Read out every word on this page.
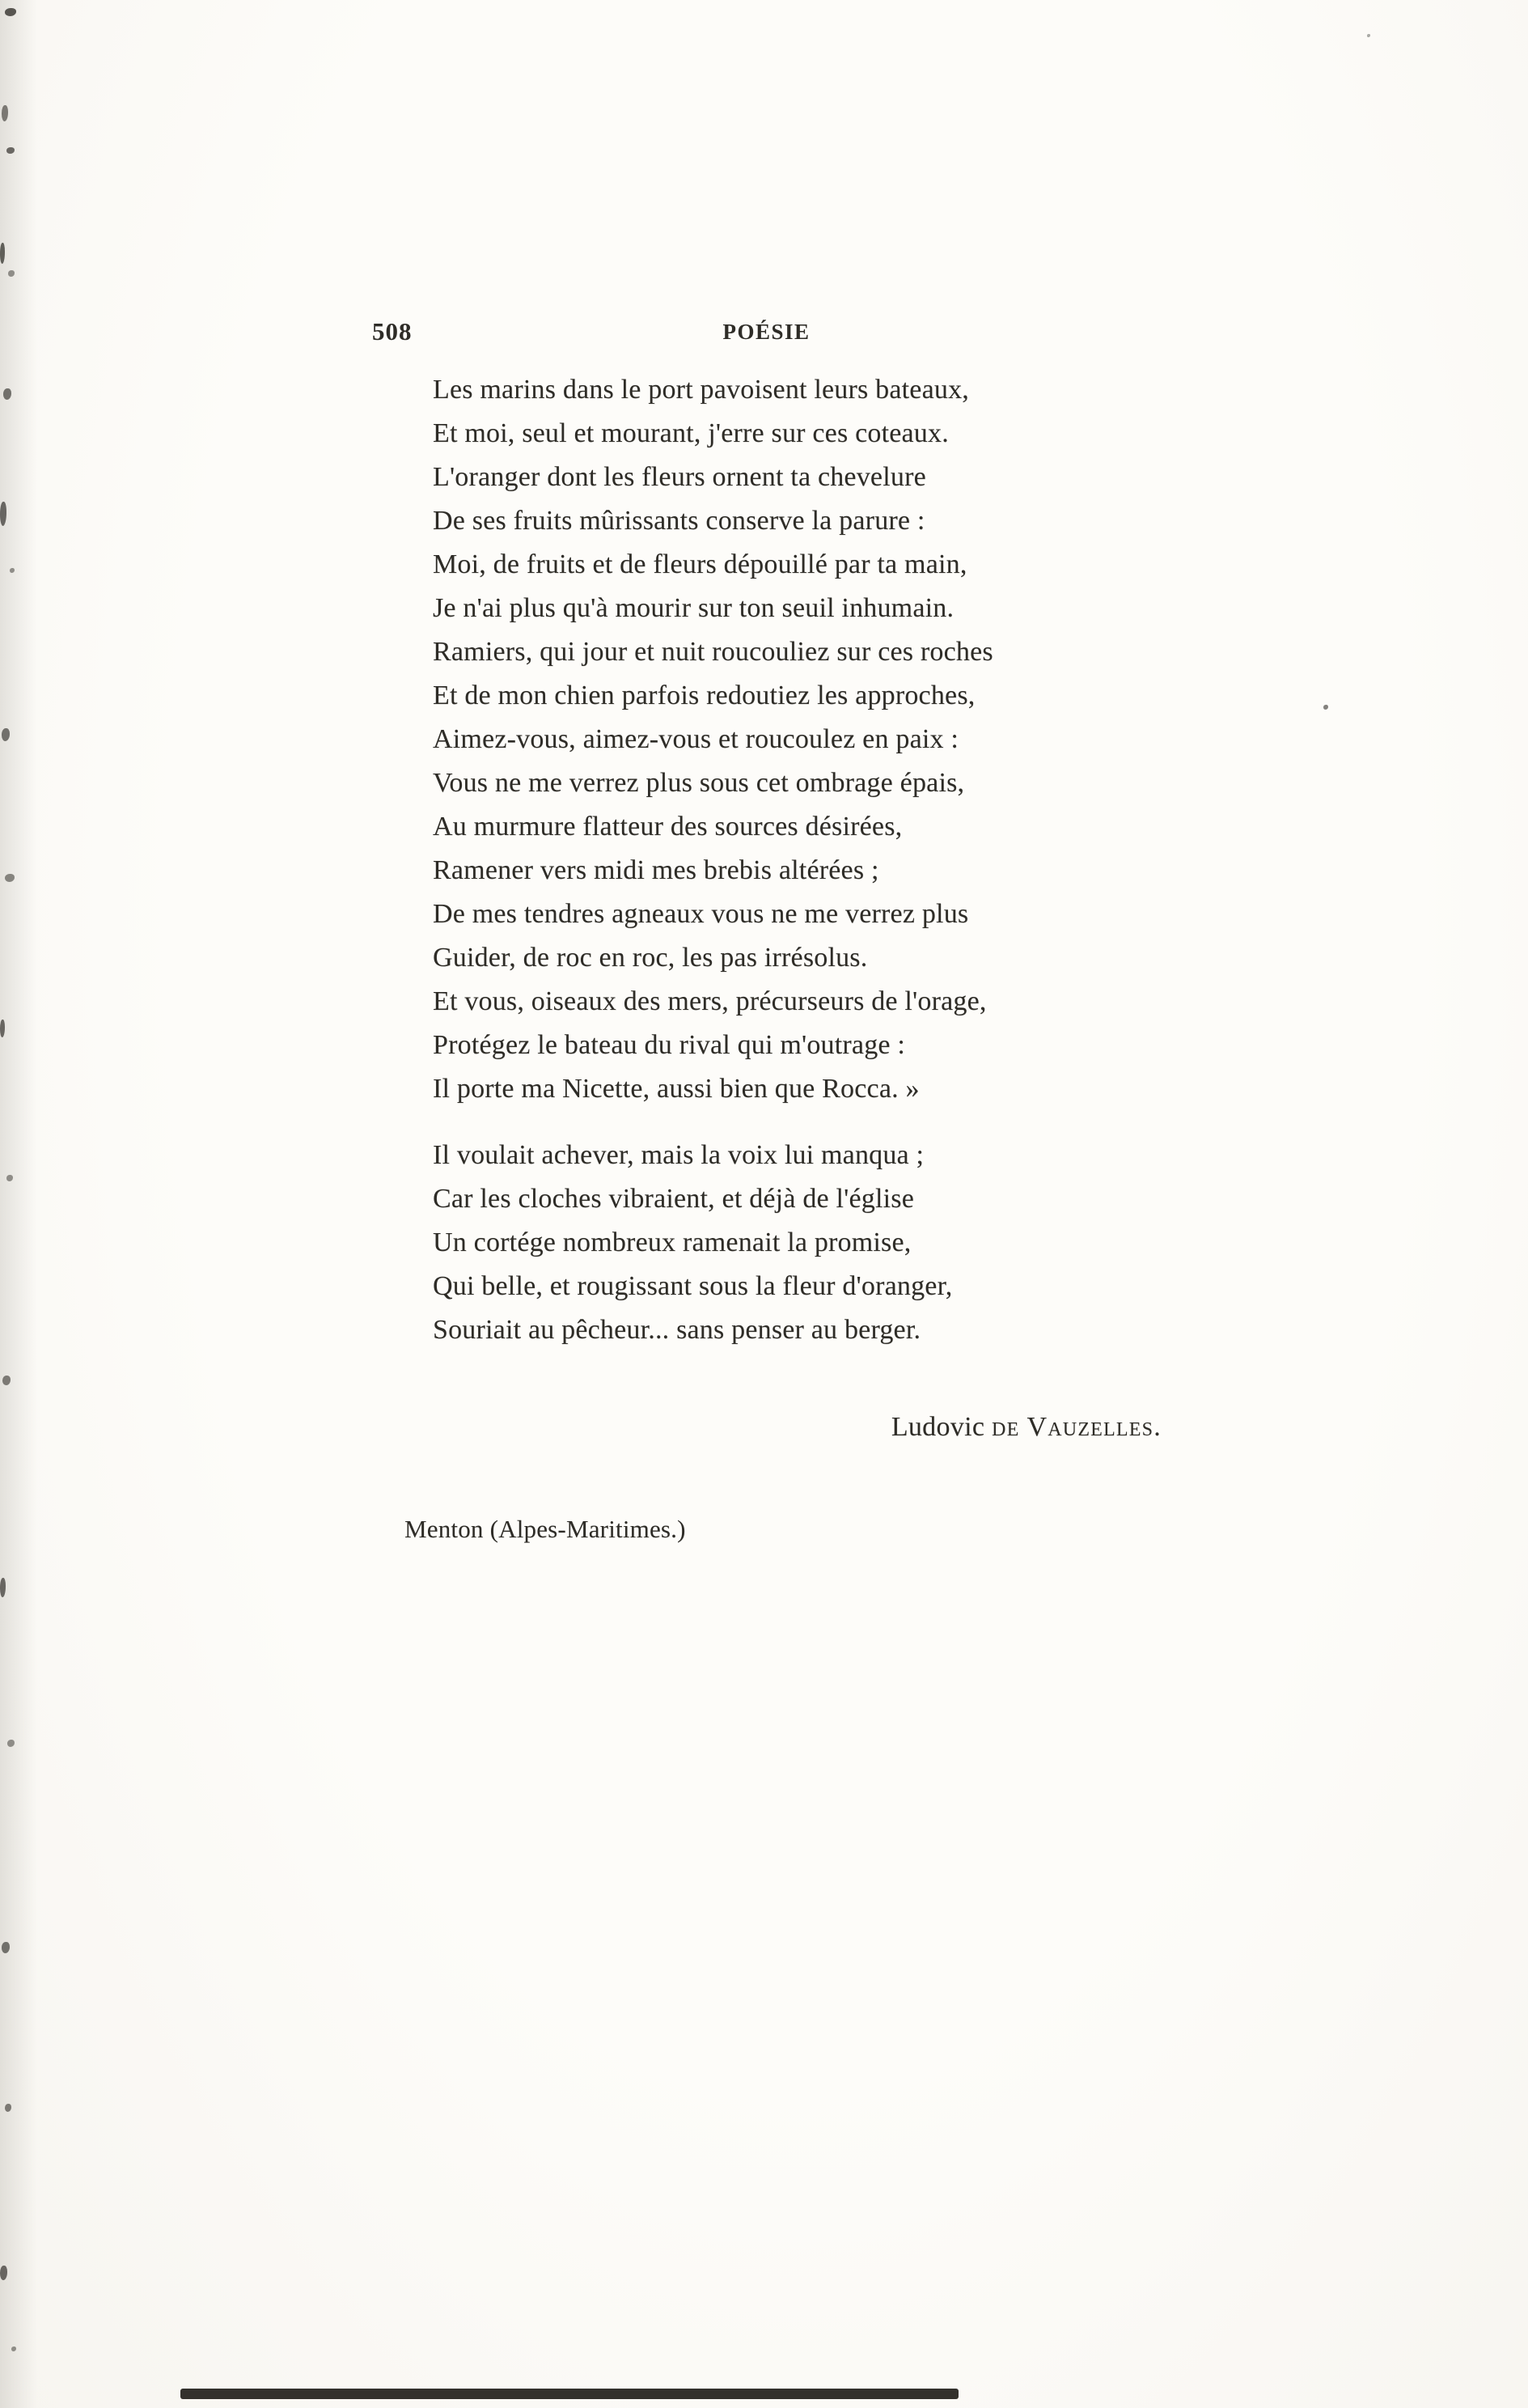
508	POÉSIE
Les marins dans le port pavoisent leurs bateaux,
Et moi, seul et mourant, j'erre sur ces coteaux.
L'oranger dont les fleurs ornent ta chevelure
De ses fruits mûrissants conserve la parure :
Moi, de fruits et de fleurs dépouillé par ta main,
Je n'ai plus qu'à mourir sur ton seuil inhumain.
Ramiers, qui jour et nuit roucouliez sur ces roches
Et de mon chien parfois redoutiez les approches,
Aimez-vous, aimez-vous et roucoulez en paix :
Vous ne me verrez plus sous cet ombrage épais,
Au murmure flatteur des sources désirées,
Ramener vers midi mes brebis altérées ;
De mes tendres agneaux vous ne me verrez plus
Guider, de roc en roc, les pas irrésolus.
Et vous, oiseaux des mers, précurseurs de l'orage,
Protégez le bateau du rival qui m'outrage :
Il porte ma Nicette, aussi bien que Rocca. »
Il voulait achever, mais la voix lui manqua ;
Car les cloches vibraient, et déjà de l'église
Un cortége nombreux ramenait la promise,
Qui belle, et rougissant sous la fleur d'oranger,
Souriait au pêcheur... sans penser au berger.
Ludovic de Vauzelles.
Menton (Alpes-Maritimes.)
